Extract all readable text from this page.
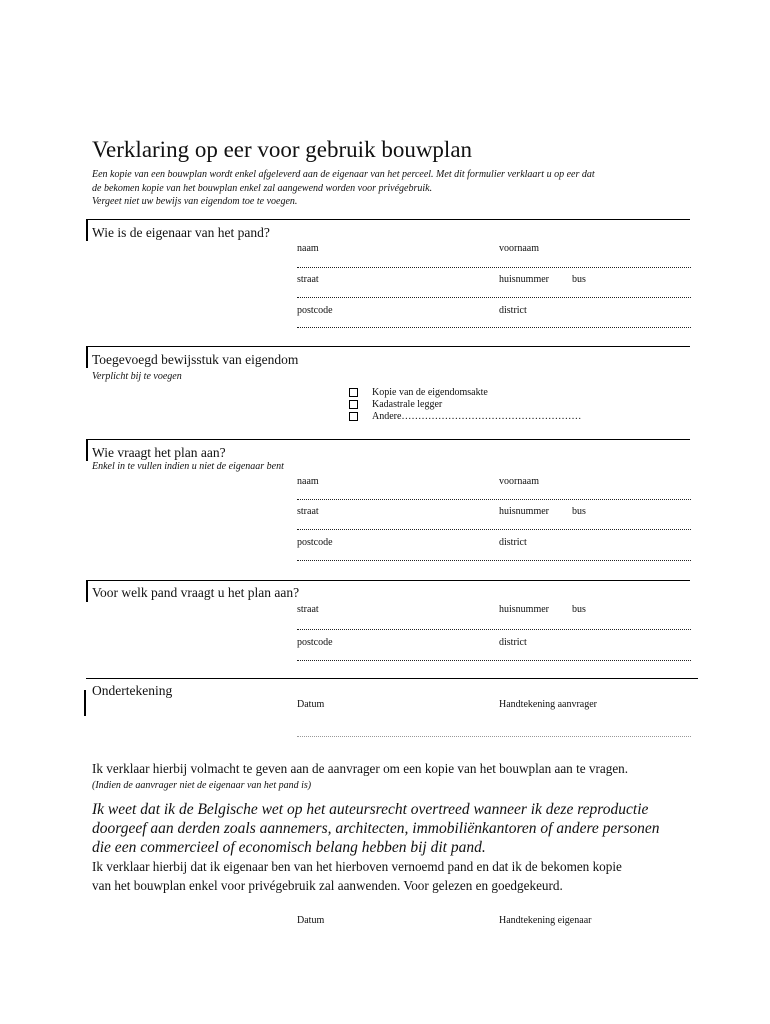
Verklaring op eer voor gebruik bouwplan
Een kopie van een bouwplan wordt enkel afgeleverd aan de eigenaar van het perceel. Met dit formulier verklaart u op eer dat
de bekomen kopie van het bouwplan enkel zal aangewend worden voor privégebruik.
Vergeet niet uw bewijs van eigendom toe te voegen.
Wie is de eigenaar van het pand?
naam	voornaam
straat	huisnummer bus
postcode	district
Toegevoegd bewijsstuk van eigendom
Verplicht bij te voegen
Kopie van de eigendomsakte
Kadastrale legger
Andere………………………………………………
Wie vraagt het plan aan?
Enkel in te vullen indien u niet de eigenaar bent
naam	voornaam
straat	huisnummer bus
postcode	district
Voor welk pand vraagt u het plan aan?
straat	huisnummer bus
postcode	district
Ondertekening
Datum	Handtekening aanvrager
Ik verklaar hierbij volmacht te geven aan de aanvrager om een kopie van het bouwplan aan te vragen.
(Indien de aanvrager niet de eigenaar van het pand is)
Ik weet dat ik de Belgische wet op het auteursrecht overtreed wanneer ik deze reproductie
doorgeef aan derden zoals aannemers, architecten, immobiliënkantoren of andere personen
die een commercieel of economisch belang hebben bij dit pand.
Ik verklaar hierbij dat ik eigenaar ben van het hierboven vernoemd pand en dat ik de bekomen kopie
van het bouwplan enkel voor privégebruik zal aanwenden. Voor gelezen en goedgekeurd.
Datum	Handtekening eigenaar
